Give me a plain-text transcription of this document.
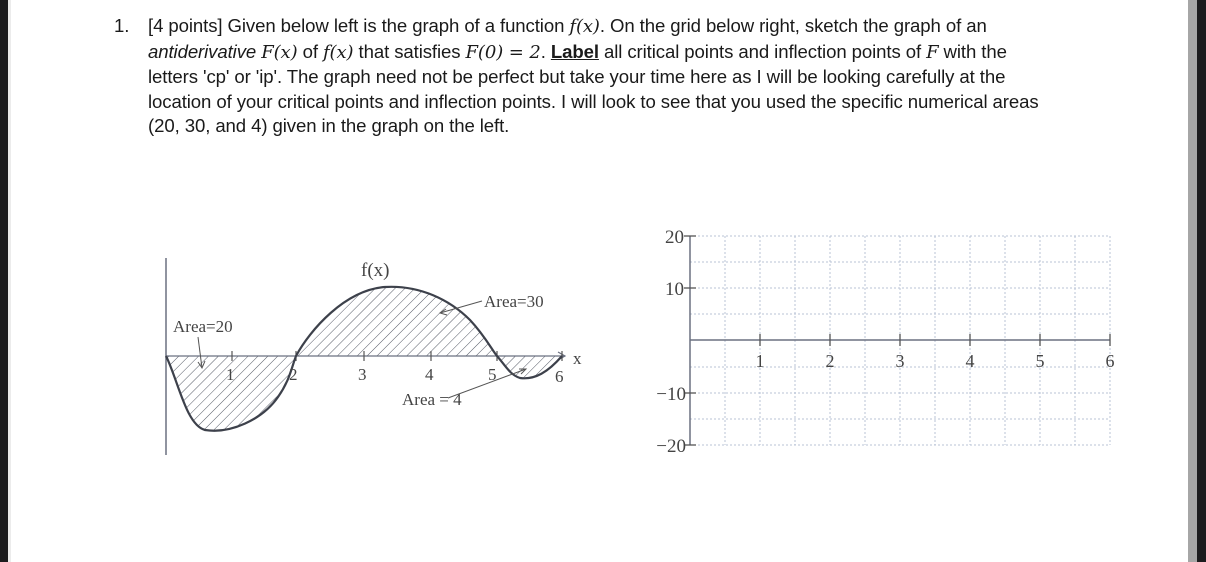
1. [4 points] Given below left is the graph of a function f(x). On the grid below right, sketch the graph of an
antiderivative F(x) of f(x) that satisfies F(0) = 2. Label all critical points and inflection points of F with the
letters 'cp' or 'ip'. The graph need not be perfect but take your time here as I will be looking carefully at the
location of your critical points and inflection points. I will look to see that you used the specific numerical areas
(20, 30, and 4) given in the graph on the left.
1	2	3	4	5	6
x
f(x)
Area=20
Area=30
Area = 4
20
10
−10
−20
1	2	3	4	5	6
